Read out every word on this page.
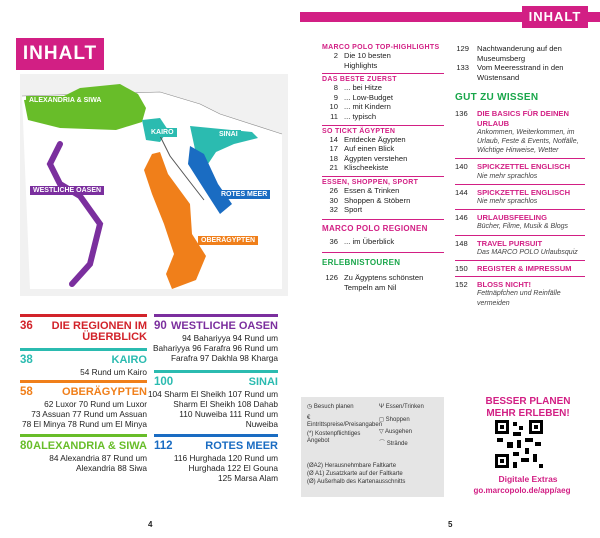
INHALT
INHALT
ALEXANDRIA & SIWA
KAIRO	SINAI
WESTLICHE OASEN
ROTES MEER
OBERÄGYPTEN
36 DIE REGIONEN IM ÜBERBLICK
38	KAIRO
54 Rund um Kairo
58	OBERÄGYPTEN
62 Luxor 70 Rund um Luxor
73 Assuan 77 Rund um Assuan
78 El Minya 78 Rund um El Minya
80 ALEXANDRIA & SIWA
84 Alexandria 87 Rund um
Alexandria 88 Siwa
90 WESTLICHE OASEN
94 Bahariyya 94 Rund um
Bahariyya 96 Farafra 96 Rund um
Farafra 97 Dakhla 98 Kharga
100	SINAI
104 Sharm El Sheikh 107 Rund um
Sharm El Sheikh 108 Dahab
110 Nuweiba 111 Rund um
Nuweiba
112	ROTES MEER
116 Hurghada 120 Rund um
Hurghada 122 El Gouna
125 Marsa Alam
MARCO POLO TOP-HIGHLIGHTS
2 Die 10 besten
Highlights
DAS BESTE ZUERST
8 ... bei Hitze
9 ... Low-Budget
10 ... mit Kindern
11 ... typisch
SO TICKT ÄGYPTEN
14 Entdecke Ägypten
17 Auf einen Blick
18 Ägypten verstehen
21 Klischeekiste
ESSEN, SHOPPEN, SPORT
26 Essen & Trinken
30 Shoppen & Stöbern
32 Sport
MARCO POLO REGIONEN
36 ... im Überblick
ERLEBNISTOUREN
126 Zu Ägyptens schönsten
Tempeln am Nil
129 Nachtwanderung auf den
Museumsberg
133 Vom Meeresstrand in den
Wüstensand
GUT ZU WISSEN
136	DIE BASICS FÜR DEINEN URLAUB
Ankommen, Weiterkommen, im Urlaub, Feste & Events, Notfälle, Wichtige Hinweise, Wetter
140	SPICKZETTEL ENGLISCH
Nie mehr sprachlos
144	SPICKZETTEL ENGLISCH
Nie mehr sprachlos
146	URLAUBSFEELING
Bücher, Filme, Musik & Blogs
148	TRAVEL PURSUIT
Das MARCO POLO Urlaubsquiz
150	REGISTER & IMPRESSUM
152	BLOSS NICHT!
Fettnäpfchen und Reinfälle vermeiden
◷ Besuch planen	Ψ Essen/Trinken
€ Eintrittspreise/Preisangaben
◻ Shoppen
▽ Ausgehen
(*) Kostenpflichtiges Angebot	⌒ Strände
(ØA2) Herausnehmbare Faltkarte
(Ø A1) Zusatzkarte auf der Faltkarte
(Ø) Außerhalb des Kartenausschnitts
BESSER PLANEN MEHR ERLEBEN!
Digitale Extras
go.marcopolo.de/app/aeg
4	5
